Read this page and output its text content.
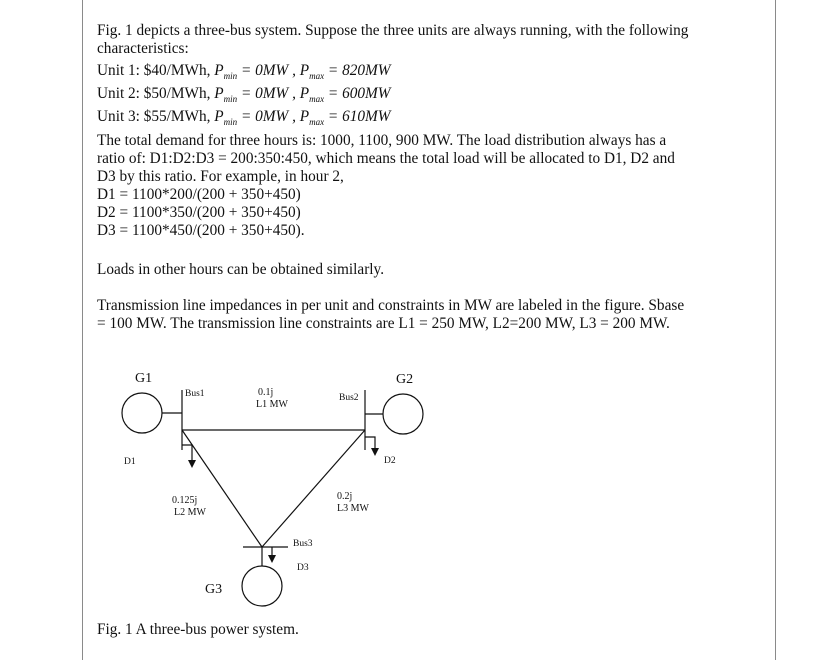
Fig. 1 depicts a three-bus system. Suppose the three units are always running, with the following
characteristics:
Unit 1: $40/MWh, $P_{min} = 0MW$ , $P_{max} = 820MW$
Unit 2: $50/MWh, $P_{min} = 0MW$ , $P_{max} = 600MW$
Unit 3: $55/MWh, $P_{min} = 0MW$ , $P_{max} = 610MW$
The total demand for three hours is: 1000, 1100, 900 MW. The load distribution always has a
ratio of: D1:D2:D3 = 200:350:450, which means the total load will be allocated to D1, D2 and
D3 by this ratio. For example, in hour 2,
D1 = 1100*200/(200 + 350+450)
D2 = 1100*350/(200 + 350+450)
D3 = 1100*450/(200 + 350+450).
Loads in other hours can be obtained similarly.
Transmission line impedances in per unit and constraints in MW are labeled in the figure. Sbase
= 100 MW. The transmission line constraints are L1 = 250 MW, L2=200 MW, L3 = 200 MW.
G1	G2
G3
Bus1	Bus2
Bus3
D1	D2
D3
0.1j
L1 MW
0.125j
L2 MW
0.2j
L3 MW
Fig. 1 A three-bus power system.
